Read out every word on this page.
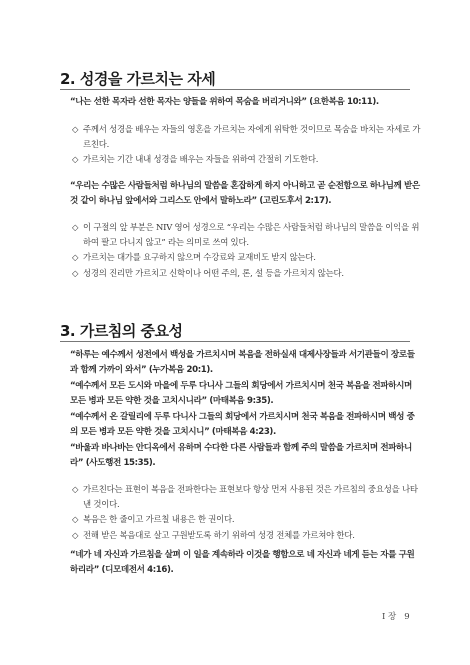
2. 성경을 가르치는 자세

“나는 선한 목자라 선한 목자는 양들을 위하여 목숨을 버리거니와” (요한복음 10:11).

◇ 주께서 성경을 배우는 자들의 영혼을 가르치는 자에게 위탁한 것이므로 목숨을 바치는 자세로 가르친다.
◇ 가르치는 기간 내내 성경을 배우는 자들을 위하여 간절히 기도한다.

“우리는 수많은 사람들처럼 하나님의 말씀을 혼잡하게 하지 아니하고 곧 순전함으로 하나님께 받은 것 같이 하나님 앞에서와 그리스도 안에서 말하노라” (고린도후서 2:17).

◇ 이 구절의 앞 부분은 NIV 영어 성경으로 “우리는 수많은 사람들처럼 하나님의 말씀을 이익을 위하여 팔고 다니지 않고” 라는 의미로 쓰여 있다.
◇ 가르치는 대가를 요구하지 않으며 수강료와 교재비도 받지 않는다.
◇ 성경의 진리만 가르치고 신학이나 어떤 주의, 론, 설 등을 가르치지 않는다.
3. 가르침의 중요성

“하루는 예수께서 성전에서 백성을 가르치시며 복음을 전하실새 대제사장들과 서기관들이 장로들과 함께 가까이 와서” (누가복음 20:1).

“예수께서 모든 도시와 마을에 두루 다니사 그들의 회당에서 가르치시며 천국 복음을 전파하시며 모든 병과 모든 약한 것을 고치시니라” (마태복음 9:35).

“예수께서 온 갈릴리에 두루 다니사 그들의 회당에서 가르치시며 천국 복음을 전파하시며 백성 중의 모든 병과 모든 약한 것을 고치시니” (마태복음 4:23).

“바울과 바나바는 안디옥에서 유하며 수다한 다른 사람들과 함께 주의 말씀을 가르치며 전파하니라” (사도행전 15:35).

◇ 가르친다는 표현이 복음을 전파한다는 표현보다 항상 먼저 사용된 것은 가르침의 중요성을 나타낸 것이다.
◇ 복음은 한 줄이고 가르칠 내용은 한 권이다.
◇ 전해 받은 복음대로 살고 구원받도록 하기 위하여 성경 전체를 가르쳐야 한다.

“네가 네 자신과 가르침을 살펴 이 일을 계속하라 이것을 행함으로 네 자신과 네게 듣는 자를 구원하리라” (디모데전서 4:16).

I 장 9
